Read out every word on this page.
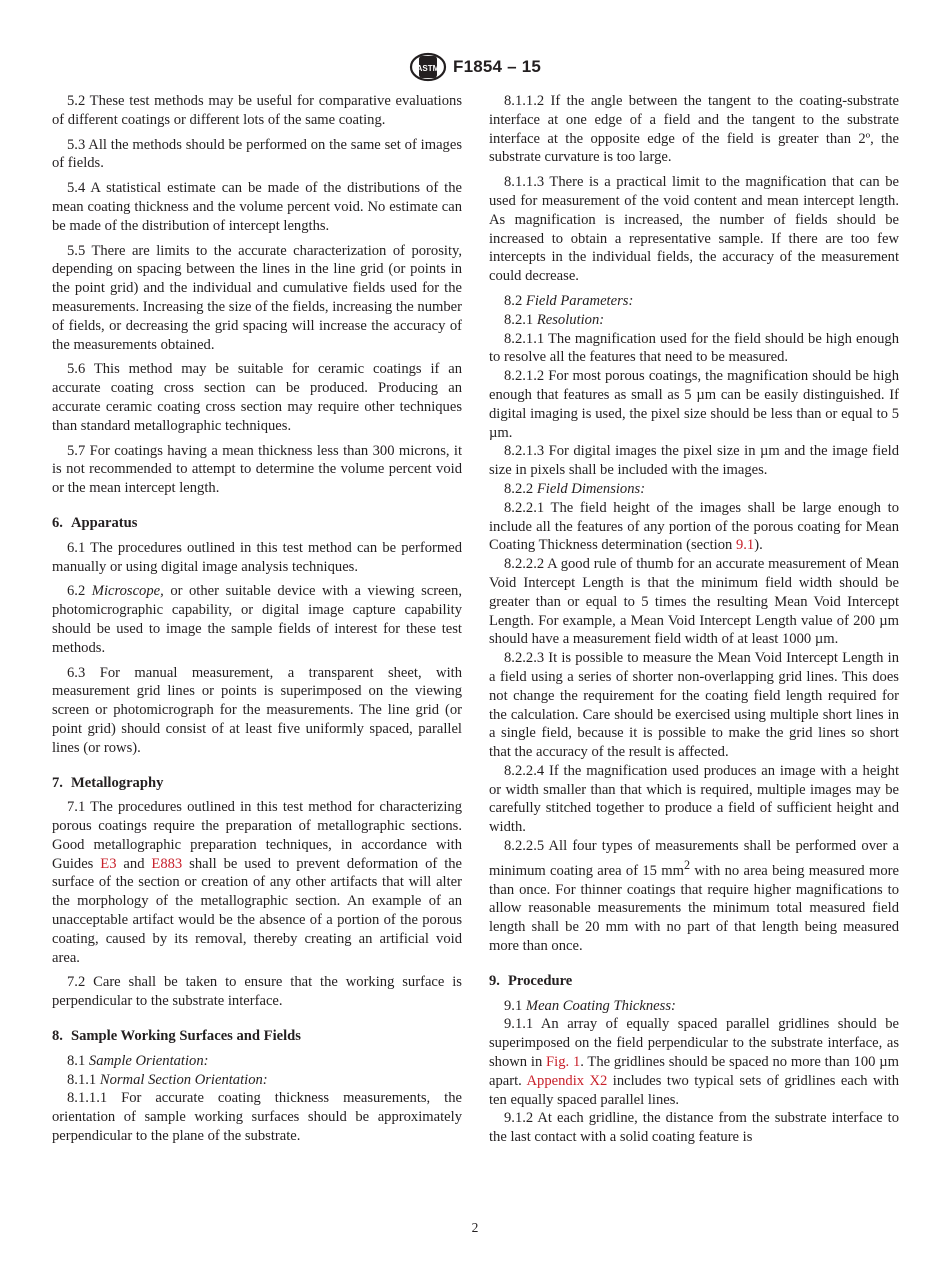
ASTM F1854 – 15

5.2 These test methods may be useful for comparative evaluations of different coatings or different lots of the same coating.

5.3 All the methods should be performed on the same set of images of fields.

5.4 A statistical estimate can be made of the distributions of the mean coating thickness and the volume percent void. No estimate can be made of the distribution of intercept lengths.

5.5 There are limits to the accurate characterization of porosity, depending on spacing between the lines in the line grid (or points in the point grid) and the individual and cumulative fields used for the measurements. Increasing the size of the fields, increasing the number of fields, or decreasing the grid spacing will increase the accuracy of the measurements obtained.

5.6 This method may be suitable for ceramic coatings if an accurate coating cross section can be produced. Producing an accurate ceramic coating cross section may require other techniques than standard metallographic techniques.

5.7 For coatings having a mean thickness less than 300 microns, it is not recommended to attempt to determine the volume percent void or the mean intercept length.

6. Apparatus

6.1 The procedures outlined in this test method can be performed manually or using digital image analysis techniques.

6.2 Microscope, or other suitable device with a viewing screen, photomicrographic capability, or digital image capture capability should be used to image the sample fields of interest for these test methods.

6.3 For manual measurement, a transparent sheet, with measurement grid lines or points is superimposed on the viewing screen or photomicrograph for the measurements. The line grid (or point grid) should consist of at least five uniformly spaced, parallel lines (or rows).

7. Metallography

7.1 The procedures outlined in this test method for characterizing porous coatings require the preparation of metallographic sections. Good metallographic preparation techniques, in accordance with Guides E3 and E883 shall be used to prevent deformation of the surface of the section or creation of any other artifacts that will alter the morphology of the metallographic section. An example of an unacceptable artifact would be the absence of a portion of the porous coating, caused by its removal, thereby creating an artificial void area.

7.2 Care shall be taken to ensure that the working surface is perpendicular to the substrate interface.

8. Sample Working Surfaces and Fields

8.1 Sample Orientation:

8.1.1 Normal Section Orientation:

8.1.1.1 For accurate coating thickness measurements, the orientation of sample working surfaces should be approximately perpendicular to the plane of the substrate.

8.1.1.2 If the angle between the tangent to the coating-substrate interface at one edge of a field and the tangent to the substrate interface at the opposite edge of the field is greater than 2º, the substrate curvature is too large.

8.1.1.3 There is a practical limit to the magnification that can be used for measurement of the void content and mean intercept length. As magnification is increased, the number of fields should be increased to obtain a representative sample. If there are too few intercepts in the individual fields, the accuracy of the measurement could decrease.

8.2 Field Parameters:

8.2.1 Resolution:

8.2.1.1 The magnification used for the field should be high enough to resolve all the features that need to be measured.

8.2.1.2 For most porous coatings, the magnification should be high enough that features as small as 5 µm can be easily distinguished. If digital imaging is used, the pixel size should be less than or equal to 5 µm.

8.2.1.3 For digital images the pixel size in µm and the image field size in pixels shall be included with the images.

8.2.2 Field Dimensions:

8.2.2.1 The field height of the images shall be large enough to include all the features of any portion of the porous coating for Mean Coating Thickness determination (section 9.1).

8.2.2.2 A good rule of thumb for an accurate measurement of Mean Void Intercept Length is that the minimum field width should be greater than or equal to 5 times the resulting Mean Void Intercept Length. For example, a Mean Void Intercept Length value of 200 µm should have a measurement field width of at least 1000 µm.

8.2.2.3 It is possible to measure the Mean Void Intercept Length in a field using a series of shorter non-overlapping grid lines. This does not change the requirement for the coating field length required for the calculation. Care should be exercised using multiple short lines in a single field, because it is possible to make the grid lines so short that the accuracy of the result is affected.

8.2.2.4 If the magnification used produces an image with a height or width smaller than that which is required, multiple images may be carefully stitched together to produce a field of sufficient height and width.

8.2.2.5 All four types of measurements shall be performed over a minimum coating area of 15 $mm^2$ with no area being measured more than once. For thinner coatings that require higher magnifications to allow reasonable measurements the minimum total measured field length shall be 20 mm with no part of that length being measured more than once.

9. Procedure

9.1 Mean Coating Thickness:

9.1.1 An array of equally spaced parallel gridlines should be superimposed on the field perpendicular to the substrate interface, as shown in Fig. 1. The gridlines should be spaced no more than 100 µm apart. Appendix X2 includes two typical sets of gridlines each with ten equally spaced parallel lines.

9.1.2 At each gridline, the distance from the substrate interface to the last contact with a solid coating feature is

2
